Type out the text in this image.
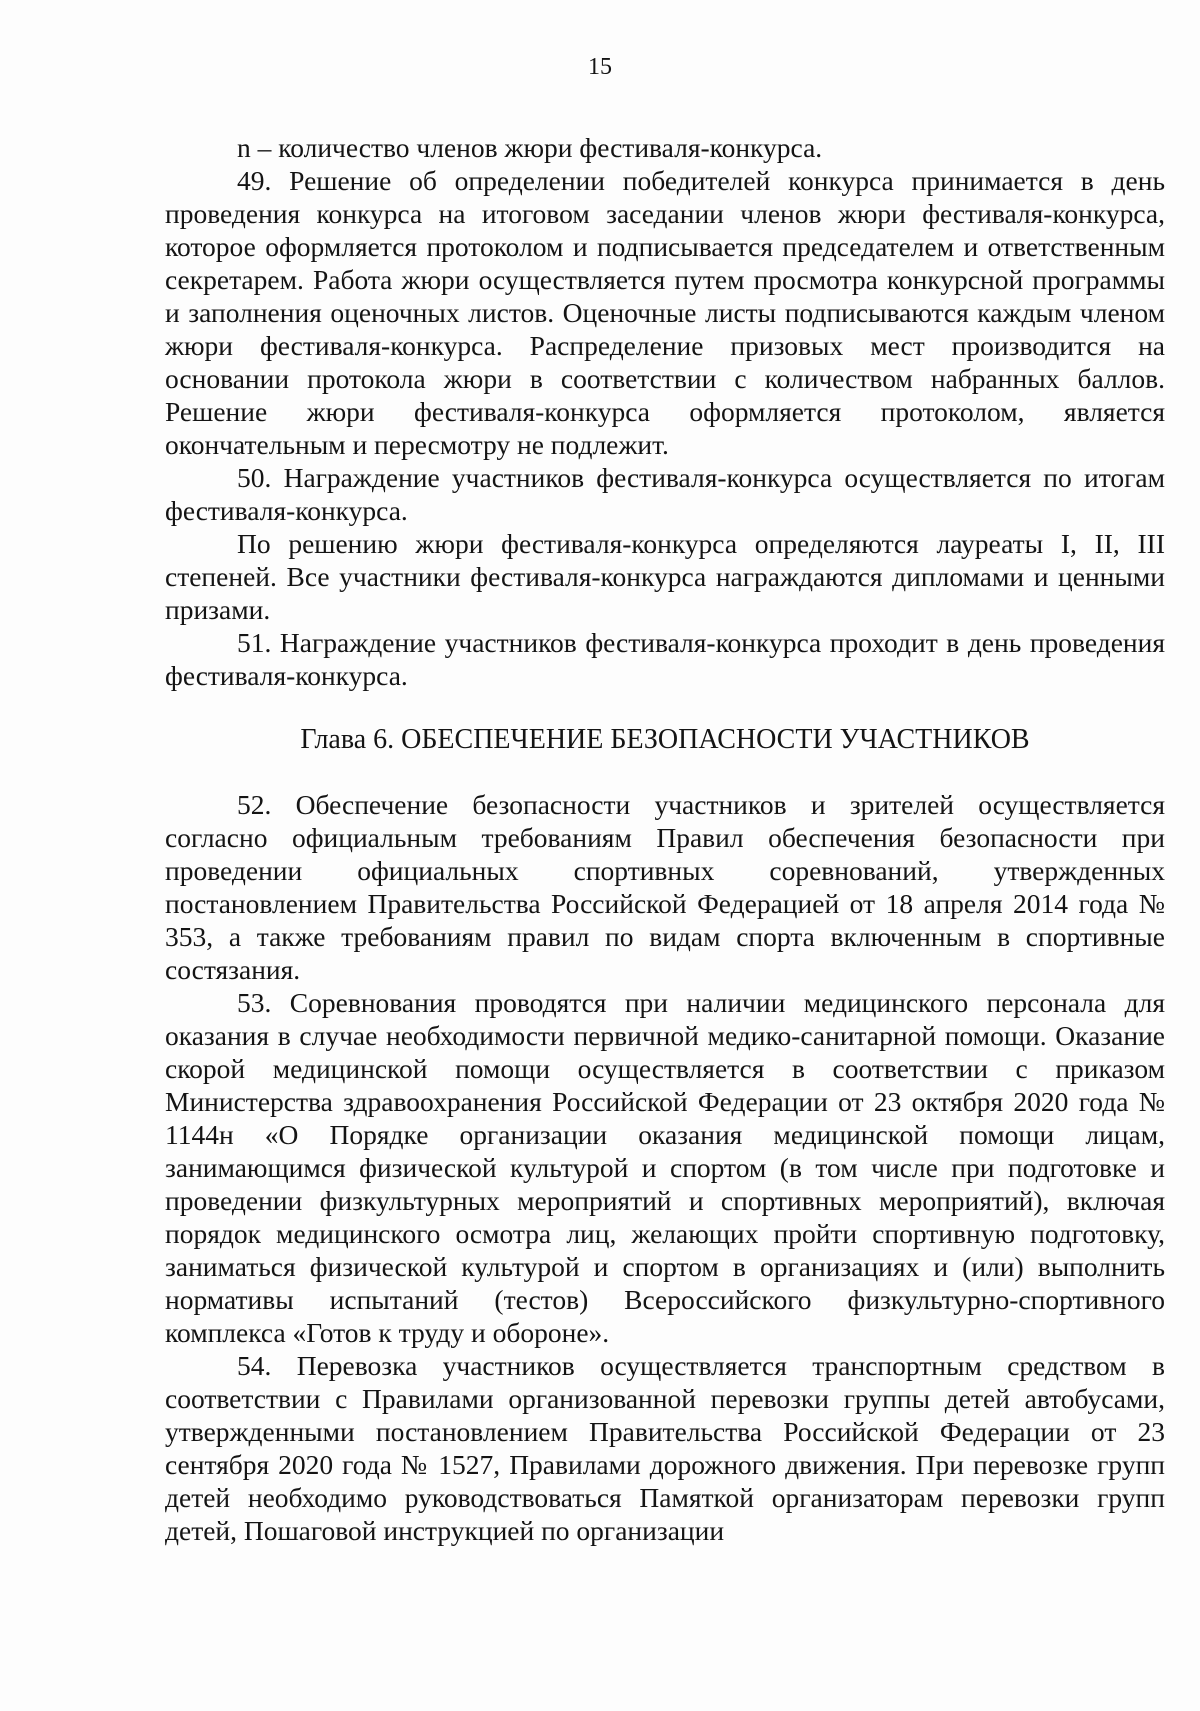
15

n – количество членов жюри фестиваля-конкурса.

49. Решение об определении победителей конкурса принимается в день проведения конкурса на итоговом заседании членов жюри фестиваля-конкурса, которое оформляется протоколом и подписывается председателем и ответственным секретарем. Работа жюри осуществляется путем просмотра конкурсной программы и заполнения оценочных листов. Оценочные листы подписываются каждым членом жюри фестиваля-конкурса. Распределение призовых мест производится на основании протокола жюри в соответствии с количеством набранных баллов. Решение жюри фестиваля-конкурса оформляется протоколом, является окончательным и пересмотру не подлежит.

50. Награждение участников фестиваля-конкурса осуществляется по итогам фестиваля-конкурса.

По решению жюри фестиваля-конкурса определяются лауреаты I, II, III степеней. Все участники фестиваля-конкурса награждаются дипломами и ценными призами.

51. Награждение участников фестиваля-конкурса проходит в день проведения фестиваля-конкурса.

Глава 6. ОБЕСПЕЧЕНИЕ БЕЗОПАСНОСТИ УЧАСТНИКОВ

52. Обеспечение безопасности участников и зрителей осуществляется согласно официальным требованиям Правил обеспечения безопасности при проведении официальных спортивных соревнований, утвержденных постановлением Правительства Российской Федерацией от 18 апреля 2014 года № 353, а также требованиям правил по видам спорта включенным в спортивные состязания.

53. Соревнования проводятся при наличии медицинского персонала для оказания в случае необходимости первичной медико-санитарной помощи. Оказание скорой медицинской помощи осуществляется в соответствии с приказом Министерства здравоохранения Российской Федерации от 23 октября 2020 года № 1144н «О Порядке организации оказания медицинской помощи лицам, занимающимся физической культурой и спортом (в том числе при подготовке и проведении физкультурных мероприятий и спортивных мероприятий), включая порядок медицинского осмотра лиц, желающих пройти спортивную подготовку, заниматься физической культурой и спортом в организациях и (или) выполнить нормативы испытаний (тестов) Всероссийского физкультурно-спортивного комплекса «Готов к труду и обороне».

54. Перевозка участников осуществляется транспортным средством в соответствии с Правилами организованной перевозки группы детей автобусами, утвержденными постановлением Правительства Российской Федерации от 23 сентября 2020 года № 1527, Правилами дорожного движения. При перевозке групп детей необходимо руководствоваться Памяткой организаторам перевозки групп детей, Пошаговой инструкцией по организации
